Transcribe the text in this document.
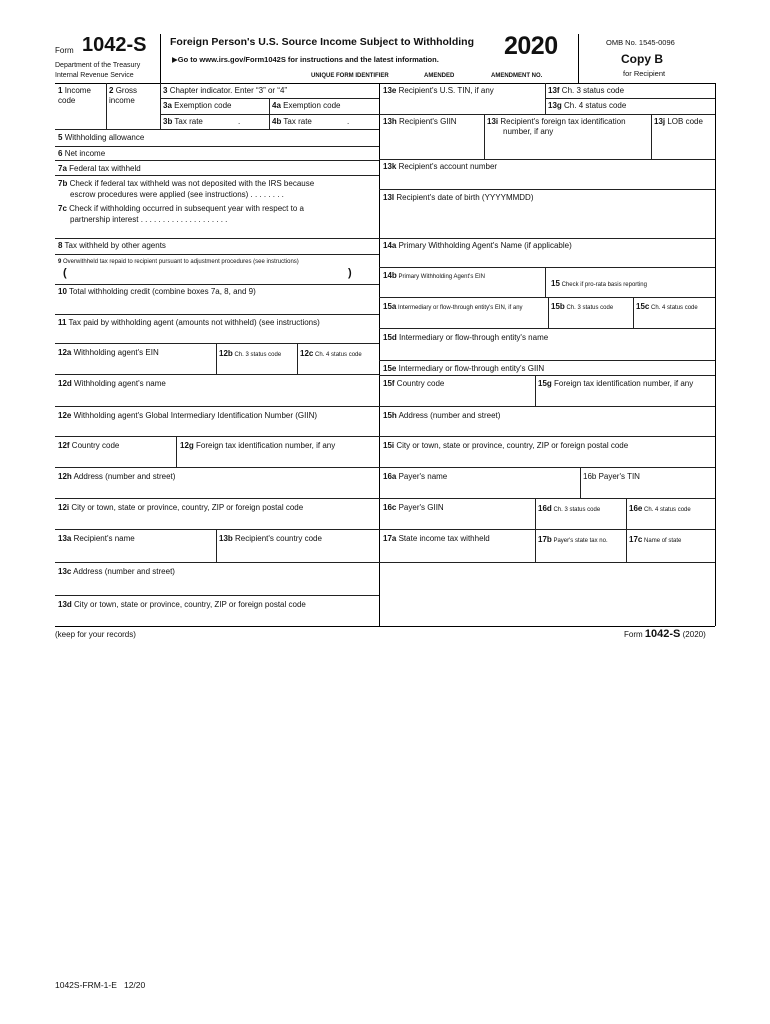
Form 1042-S
Department of the Treasury
Internal Revenue Service
Foreign Person's U.S. Source Income Subject to Withholding
▶Go to www.irs.gov/Form1042S for instructions and the latest information.	2020
UNIQUE FORM IDENTIFIER	AMENDED	AMENDMENT NO.
OMB No. 1545-0096
Copy B
for Recipient
1 Income code
2 Gross income
3 Chapter indicator. Enter “3” or “4”
3a Exemption code	4a Exemption code
3b Tax rate	.	4b Tax rate	.
5 Withholding allowance
6 Net income
7a Federal tax withheld
7b Check if federal tax withheld was not deposited with the IRS because
escrow procedures were applied (see instructions) . . . . . . . .
7c Check if withholding occurred in subsequent year with respect to a
partnership interest . . . . . . . . . . . . . . . . . . . .
8 Tax withheld by other agents
9 Overwithheld tax repaid to recipient pursuant to adjustment procedures (see instructions)
(	)
10 Total withholding credit (combine boxes 7a, 8, and 9)
11 Tax paid by withholding agent (amounts not withheld) (see instructions)
12a Withholding agent's EIN	12b Ch. 3 status code 12c Ch. 4 status code
12d Withholding agent's name
12e Withholding agent's Global Intermediary Identification Number (GIIN)
12f Country code	12g Foreign tax identification number, if any
12h Address (number and street)
12i City or town, state or province, country, ZIP or foreign postal code
13a Recipient's name	13b Recipient's country code
13c Address (number and street)
13d City or town, state or province, country, ZIP or foreign postal code
13e Recipient's U.S. TIN, if any	13f Ch. 3 status code
13g Ch. 4 status code
13h Recipient's GIIN	13i Recipient's foreign tax identification
number, if any
13j LOB code
13k Recipient's account number
13l Recipient's date of birth (YYYYMMDD)
14a Primary Withholding Agent's Name (if applicable)
14b Primary Withholding Agent's EIN
15 Check if pro-rata basis reporting
15a Intermediary or flow-through entity's EIN, if any	15b Ch. 3 status code	15c Ch. 4 status code
15d Intermediary or flow-through entity's name
15e Intermediary or flow-through entity's GIIN
15f Country code	15g Foreign tax identification number, if any
15h Address (number and street)
15i City or town, state or province, country, ZIP or foreign postal code
16a Payer's name	16b Payer's TIN
16c Payer's GIIN	16d Ch. 3 status code	16e Ch. 4 status code
17a State income tax withheld	17b Payer's state tax no.	17c Name of state
(keep for your records)	Form 1042-S (2020)
1042S-FRM-1-E   12/20
